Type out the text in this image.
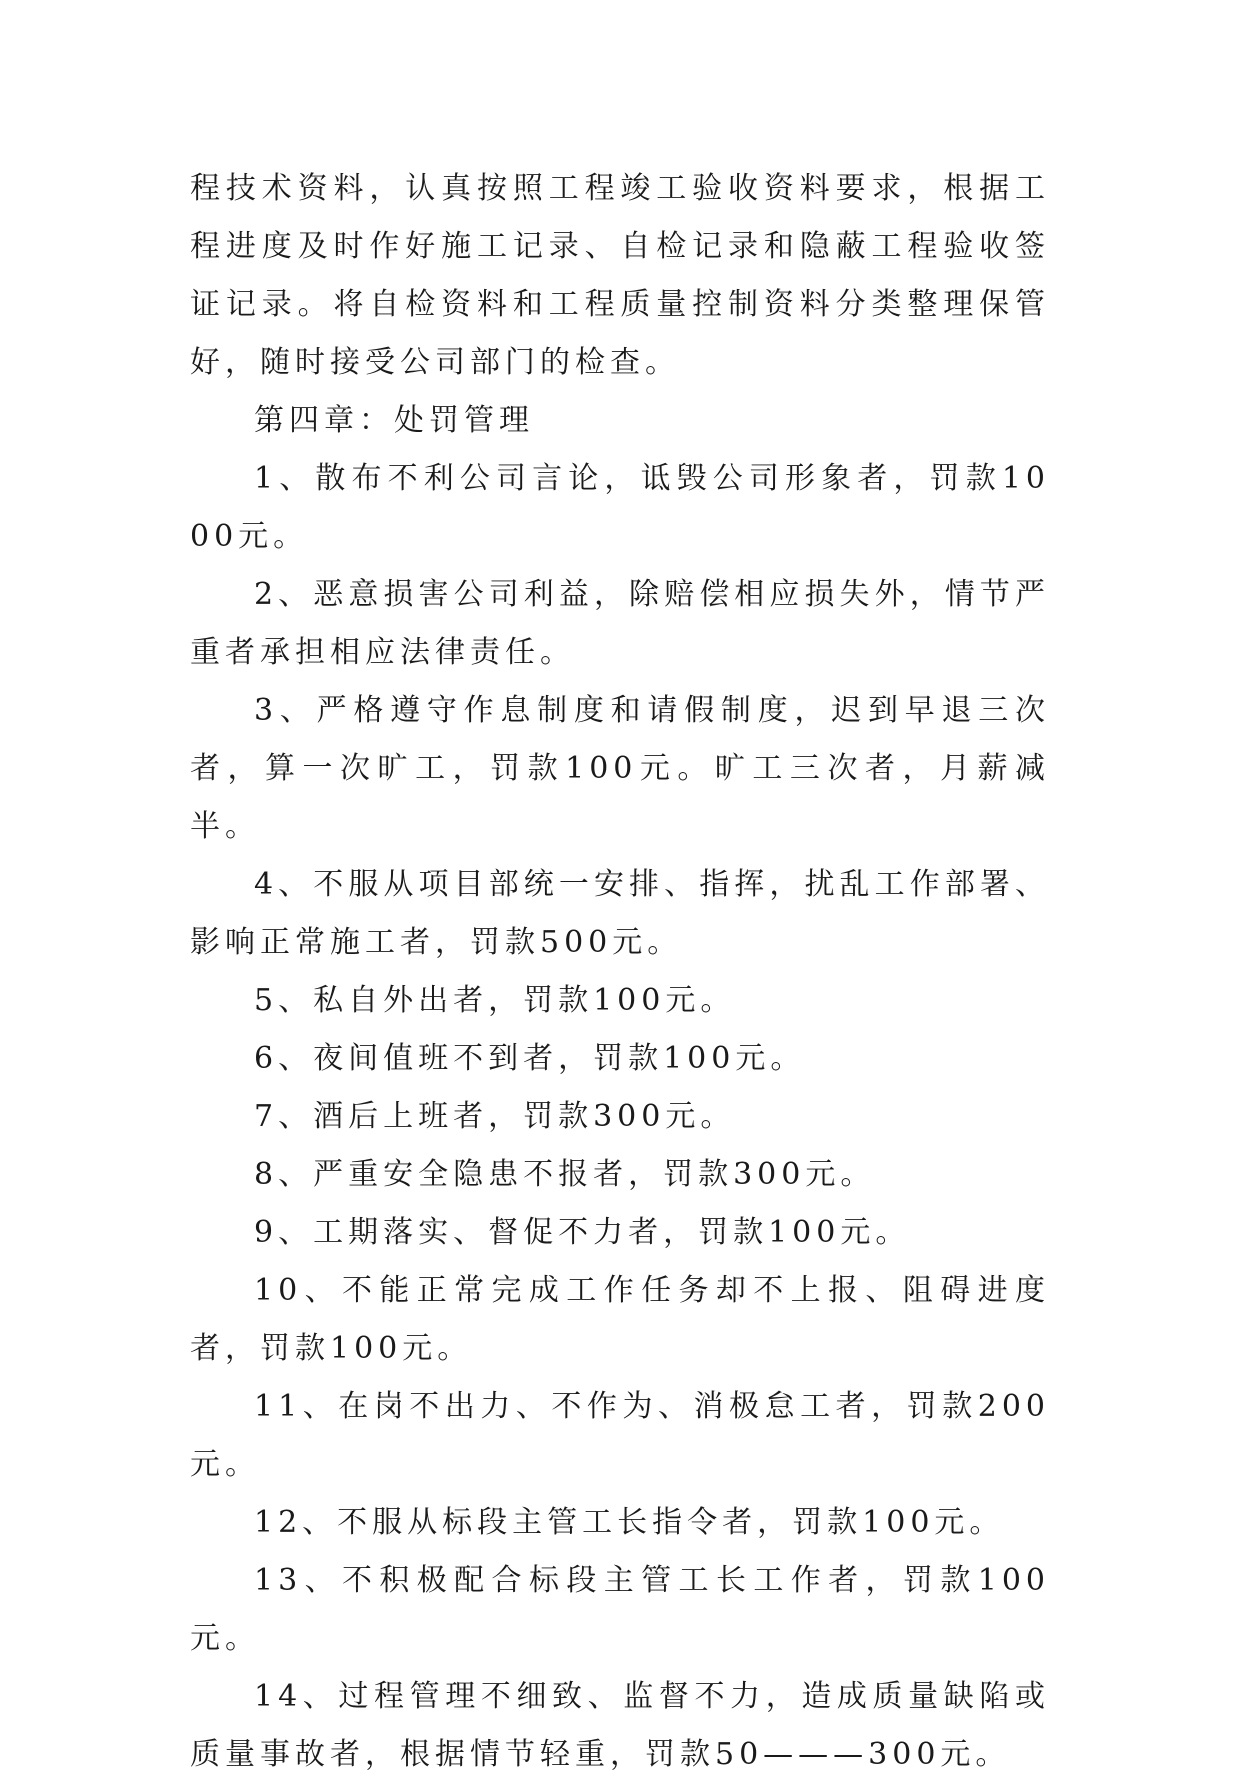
程技术资料，认真按照工程竣工验收资料要求，根据工程进度及时作好施工记录、自检记录和隐蔽工程验收签证记录。将自检资料和工程质量控制资料分类整理保管好，随时接受公司部门的检查。

第四章：处罚管理

1、散布不利公司言论，诋毁公司形象者，罚款1000元。

2、恶意损害公司利益，除赔偿相应损失外，情节严重者承担相应法律责任。

3、严格遵守作息制度和请假制度，迟到早退三次者，算一次旷工，罚款100元。旷工三次者，月薪减半。

4、不服从项目部统一安排、指挥，扰乱工作部署、影响正常施工者，罚款500元。

5、私自外出者，罚款100元。

6、夜间值班不到者，罚款100元。

7、酒后上班者，罚款300元。

8、严重安全隐患不报者，罚款300元。

9、工期落实、督促不力者，罚款100元。

10、不能正常完成工作任务却不上报、阻碍进度者，罚款100元。

11、在岗不出力、不作为、消极怠工者，罚款200元。

12、不服从标段主管工长指令者，罚款100元。

13、不积极配合标段主管工长工作者，罚款100元。

14、过程管理不细致、监督不力，造成质量缺陷或质量事故者，根据情节轻重，罚款50———300元。
